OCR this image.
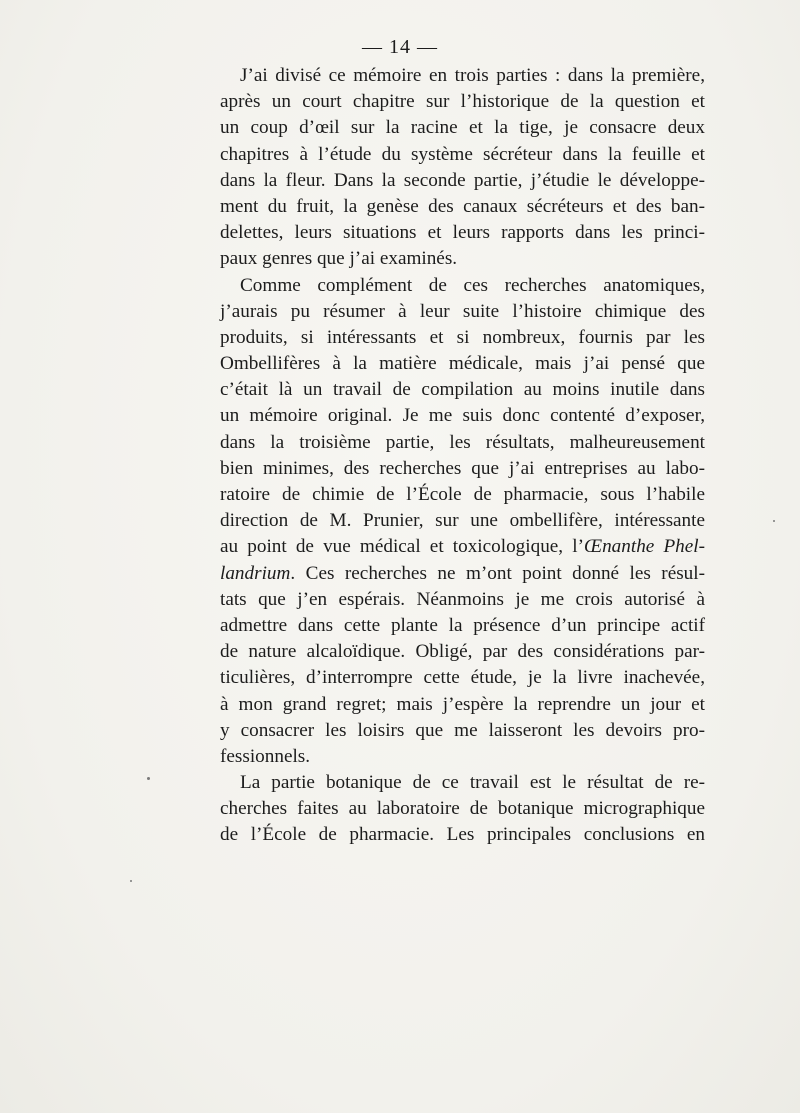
— 14 —
J’ai divisé ce mémoire en trois parties : dans la première,
après un court chapitre sur l’historique de la question et
un coup d’œil sur la racine et la tige, je consacre deux
chapitres à l’étude du système sécréteur dans la feuille et
dans la fleur. Dans la seconde partie, j’étudie le développe-
ment du fruit, la genèse des canaux sécréteurs et des ban-
delettes, leurs situations et leurs rapports dans les princi-
paux genres que j’ai examinés.
Comme complément de ces recherches anatomiques,
j’aurais pu résumer à leur suite l’histoire chimique des
produits, si intéressants et si nombreux, fournis par les
Ombellifères à la matière médicale, mais j’ai pensé que
c’était là un travail de compilation au moins inutile dans
un mémoire original. Je me suis donc contenté d’exposer,
dans la troisième partie, les résultats, malheureusement
bien minimes, des recherches que j’ai entreprises au labo-
ratoire de chimie de l’École de pharmacie, sous l’habile
direction de M. Prunier, sur une ombellifère, intéressante
au point de vue médical et toxicologique, l’Œnanthe Phel-
landrium. Ces recherches ne m’ont point donné les résul-
tats que j’en espérais. Néanmoins je me crois autorisé à
admettre dans cette plante la présence d’un principe actif
de nature alcaloïdique. Obligé, par des considérations par-
ticulières, d’interrompre cette étude, je la livre inachevée,
à mon grand regret; mais j’espère la reprendre un jour et
y consacrer les loisirs que me laisseront les devoirs pro-
fessionnels.
La partie botanique de ce travail est le résultat de re-
cherches faites au laboratoire de botanique micrographique
de l’École de pharmacie. Les principales conclusions en
